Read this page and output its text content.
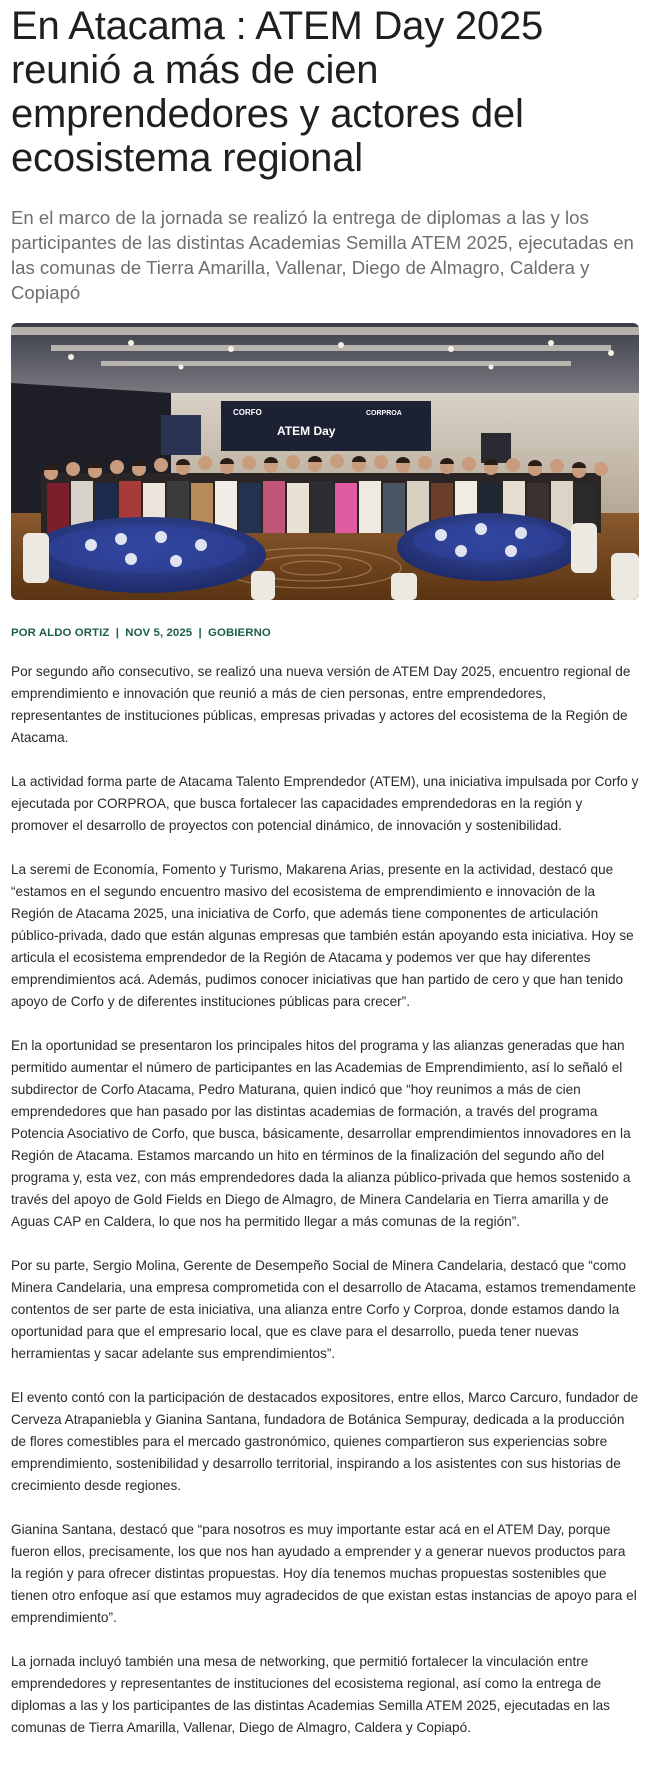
En Atacama : ATEM Day 2025 reunió a más de cien emprendedores y actores del ecosistema regional

En el marco de la jornada se realizó la entrega de diplomas a las y los participantes de las distintas Academias Semilla ATEM 2025, ejecutadas en las comunas de Tierra Amarilla, Vallenar, Diego de Almagro, Caldera y Copiapó

CORFO
ATEM Day
CORPROA
POR ALDO ORTIZ | NOV 5, 2025 | GOBIERNO

Por segundo año consecutivo, se realizó una nueva versión de ATEM Day 2025, encuentro regional de emprendimiento e innovación que reunió a más de cien personas, entre emprendedores, representantes de instituciones públicas, empresas privadas y actores del ecosistema de la Región de Atacama.

La actividad forma parte de Atacama Talento Emprendedor (ATEM), una iniciativa impulsada por Corfo y ejecutada por CORPROA, que busca fortalecer las capacidades emprendedoras en la región y promover el desarrollo de proyectos con potencial dinámico, de innovación y sostenibilidad.

La seremi de Economía, Fomento y Turismo, Makarena Arias, presente en la actividad, destacó que “estamos en el segundo encuentro masivo del ecosistema de emprendimiento e innovación de la Región de Atacama 2025, una iniciativa de Corfo, que además tiene componentes de articulación público-privada, dado que están algunas empresas que también están apoyando esta iniciativa. Hoy se articula el ecosistema emprendedor de la Región de Atacama y podemos ver que hay diferentes emprendimientos acá. Además, pudimos conocer iniciativas que han partido de cero y que han tenido apoyo de Corfo y de diferentes instituciones públicas para crecer”.

En la oportunidad se presentaron los principales hitos del programa y las alianzas generadas que han permitido aumentar el número de participantes en las Academias de Emprendimiento, así lo señaló el subdirector de Corfo Atacama, Pedro Maturana, quien indicó que “hoy reunimos a más de cien emprendedores que han pasado por las distintas academias de formación, a través del programa Potencia Asociativo de Corfo, que busca, básicamente, desarrollar emprendimientos innovadores en la Región de Atacama. Estamos marcando un hito en términos de la finalización del segundo año del programa y, esta vez, con más emprendedores dada la alianza público-privada que hemos sostenido a través del apoyo de Gold Fields en Diego de Almagro, de Minera Candelaria en Tierra amarilla y de Aguas CAP en Caldera, lo que nos ha permitido llegar a más comunas de la región”.

Por su parte, Sergio Molina, Gerente de Desempeño Social de Minera Candelaria, destacó que “como Minera Candelaria, una empresa comprometida con el desarrollo de Atacama, estamos tremendamente contentos de ser parte de esta iniciativa, una alianza entre Corfo y Corproa, donde estamos dando la oportunidad para que el empresario local, que es clave para el desarrollo, pueda tener nuevas herramientas y sacar adelante sus emprendimientos”.

El evento contó con la participación de destacados expositores, entre ellos, Marco Carcuro, fundador de Cerveza Atrapaniebla y Gianina Santana, fundadora de Botánica Sempuray, dedicada a la producción de flores comestibles para el mercado gastronómico, quienes compartieron sus experiencias sobre emprendimiento, sostenibilidad y desarrollo territorial, inspirando a los asistentes con sus historias de crecimiento desde regiones.

Gianina Santana, destacó que “para nosotros es muy importante estar acá en el ATEM Day, porque fueron ellos, precisamente, los que nos han ayudado a emprender y a generar nuevos productos para la región y para ofrecer distintas propuestas. Hoy día tenemos muchas propuestas sostenibles que tienen otro enfoque así que estamos muy agradecidos de que existan estas instancias de apoyo para el emprendimiento”.

La jornada incluyó también una mesa de networking, que permitió fortalecer la vinculación entre emprendedores y representantes de instituciones del ecosistema regional, así como la entrega de diplomas a las y los participantes de las distintas Academias Semilla ATEM 2025, ejecutadas en las comunas de Tierra Amarilla, Vallenar, Diego de Almagro, Caldera y Copiapó.
